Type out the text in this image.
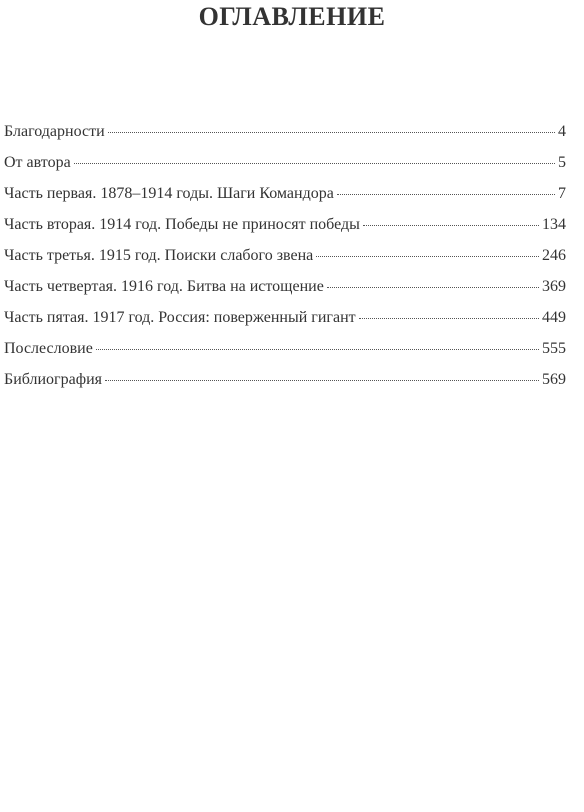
ОГЛАВЛЕНИЕ
Благодарности	4
От автора	5
Часть первая. 1878–1914 годы. Шаги Командора	7
Часть вторая. 1914 год. Победы не приносят победы	134
Часть третья. 1915 год. Поиски слабого звена	246
Часть четвертая. 1916 год. Битва на истощение	369
Часть пятая. 1917 год. Россия: поверженный гигант	449
Послесловие	555
Библиография	569
